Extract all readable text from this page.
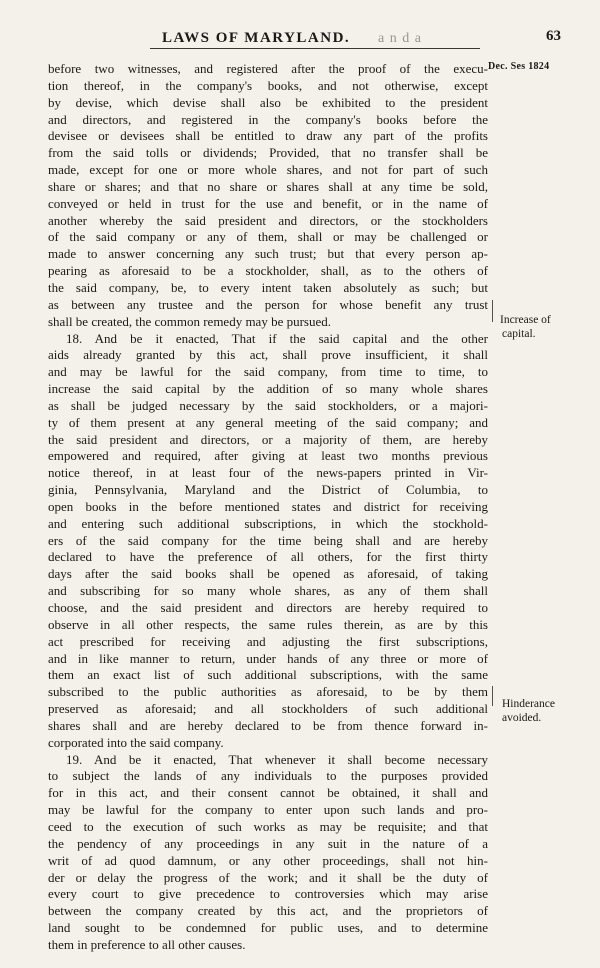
LAWS OF MARYLAND. a n d a	63
Dec. Ses 1824
before two witnesses, and registered after the proof of the execu-
tion thereof, in the company's books, and not otherwise, except
by devise, which devise shall also be exhibited to the president
and directors, and registered in the company's books before the
devisee or devisees shall be entitled to draw any part of the profits
from the said tolls or dividends; Provided, that no transfer shall be
made, except for one or more whole shares, and not for part of such
share or shares; and that no share or shares shall at any time be sold,
conveyed or held in trust for the use and benefit, or in the name of
another whereby the said president and directors, or the stockholders
of the said company or any of them, shall or may be challenged or
made to answer concerning any such trust; but that every person ap-
pearing as aforesaid to be a stockholder, shall, as to the others of
the said company, be, to every intent taken absolutely as such; but
as between any trustee and the person for whose benefit any trust
shall be created, the common remedy may be pursued.
18. And be it enacted, That if the said capital and the other
aids already granted by this act, shall prove insufficient, it shall
and may be lawful for the said company, from time to time, to
increase the said capital by the addition of so many whole shares
as shall be judged necessary by the said stockholders, or a majori-
ty of them present at any general meeting of the said company; and
the said president and directors, or a majority of them, are hereby
empowered and required, after giving at least two months previous
notice thereof, in at least four of the news-papers printed in Vir-
ginia, Pennsylvania, Maryland and the District of Columbia, to
open books in the before mentioned states and district for receiving
and entering such additional subscriptions, in which the stockhold-
ers of the said company for the time being shall and are hereby
declared to have the preference of all others, for the first thirty
days after the said books shall be opened as aforesaid, of taking
and subscribing for so many whole shares, as any of them shall
choose, and the said president and directors are hereby required to
observe in all other respects, the same rules therein, as are by this
act prescribed for receiving and adjusting the first subscriptions,
and in like manner to return, under hands of any three or more of
them an exact list of such additional subscriptions, with the same
subscribed to the public authorities as aforesaid, to be by them
preserved as aforesaid; and all stockholders of such additional
shares shall and are hereby declared to be from thence forward in-
corporated into the said company.
19. And be it enacted, That whenever it shall become necessary
to subject the lands of any individuals to the purposes provided
for in this act, and their consent cannot be obtained, it shall and
may be lawful for the company to enter upon such lands and pro-
ceed to the execution of such works as may be requisite; and that
the pendency of any proceedings in any suit in the nature of a
writ of ad quod damnum, or any other proceedings, shall not hin-
der or delay the progress of the work; and it shall be the duty of
every court to give precedence to controversies which may arise
between the company created by this act, and the proprietors of
land sought to be condemned for public uses, and to determine
them in preference to all other causes.
Increase of
capital.
Hinderance
avoided.
